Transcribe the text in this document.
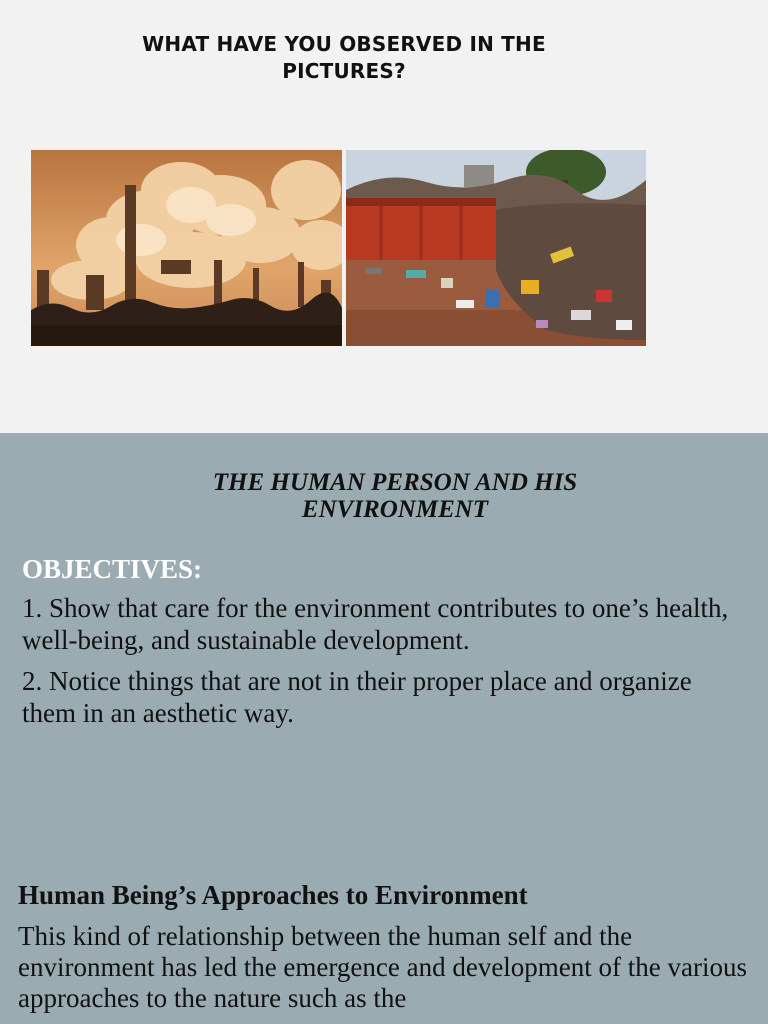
WHAT HAVE YOU OBSERVED IN THE PICTURES?
THE HUMAN PERSON AND HIS ENVIRONMENT

OBJECTIVES:

1. Show that care for the environment contributes to one’s health, well-being, and sustainable development.

2. Notice things that are not in their proper place and organize them in an aesthetic way.

Human Being’s Approaches to Environment

This kind of relationship between the human self and the environment has led the emergence and development of the various approaches to the nature such as the
